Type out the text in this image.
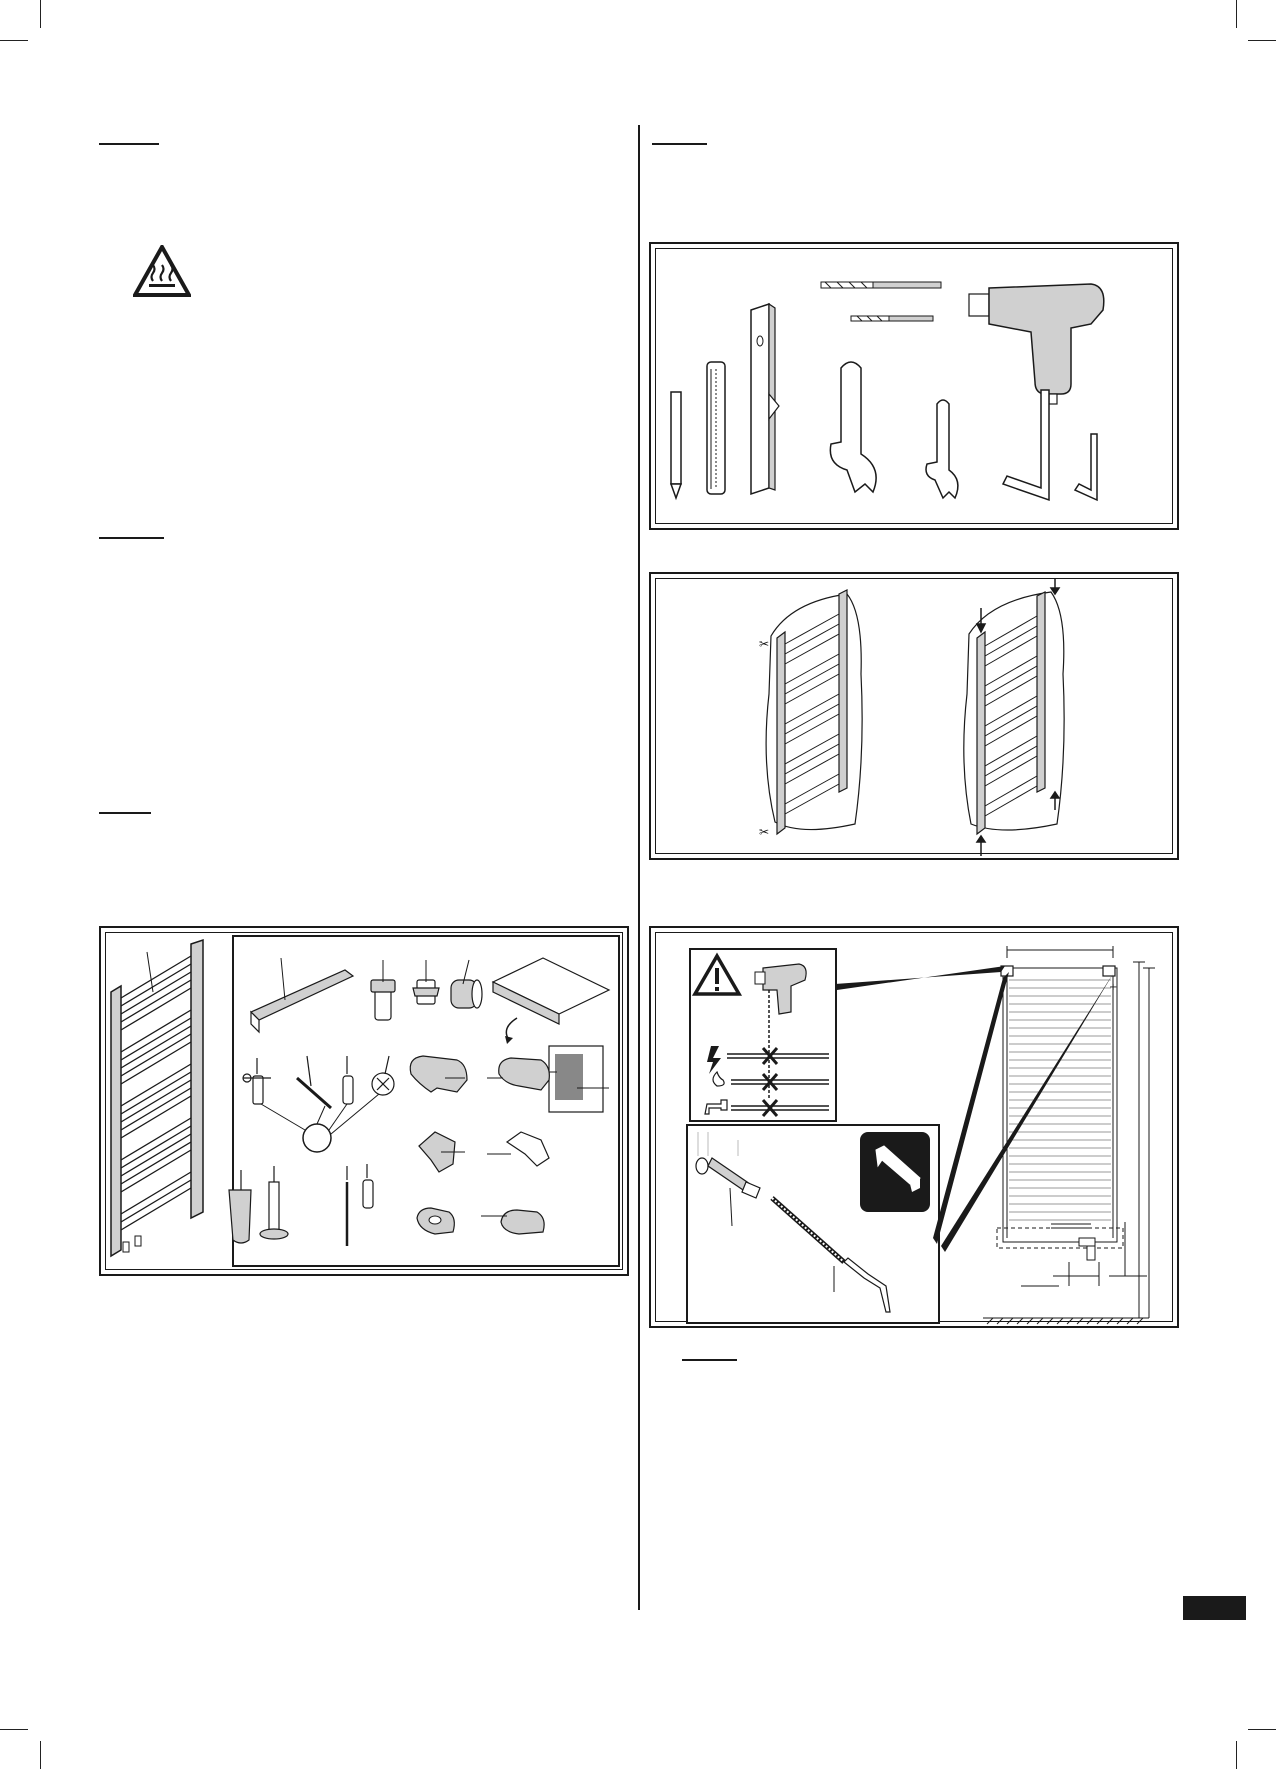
✂
✂
+
